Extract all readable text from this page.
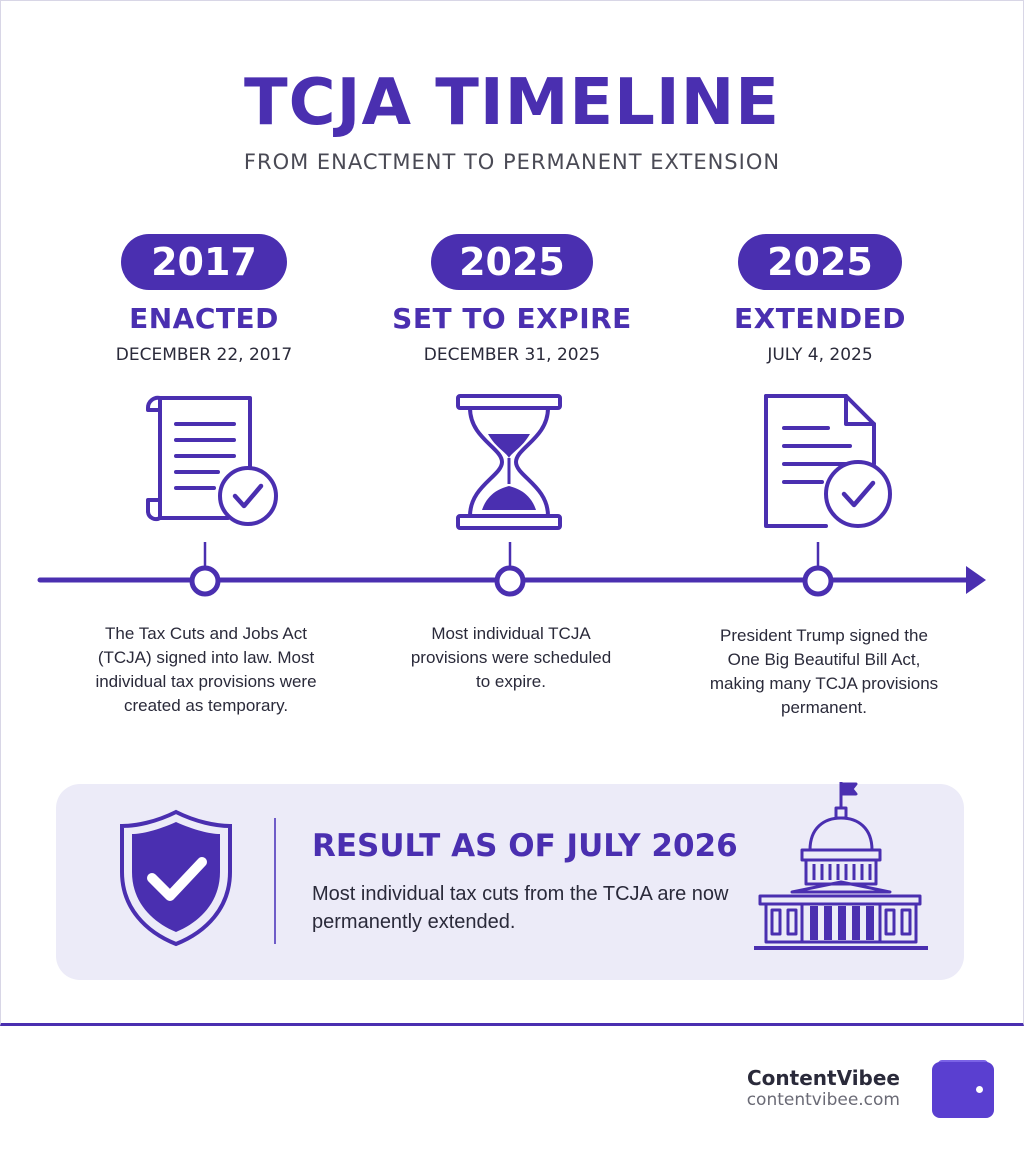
TCJA TIMELINE
FROM ENACTMENT TO PERMANENT EXTENSION
2017
ENACTED
DECEMBER 22, 2017
2025
SET TO EXPIRE
DECEMBER 31, 2025
2025
EXTENDED
JULY 4, 2025
The Tax Cuts and Jobs Act (TCJA) signed into law. Most individual tax provisions were created as temporary.
Most individual TCJA provisions were scheduled to expire.
President Trump signed the One Big Beautiful Bill Act, making many TCJA provisions permanent.
RESULT AS OF JULY 2026
Most individual tax cuts from the TCJA are now permanently extended.
ContentVibee
contentvibee.com
